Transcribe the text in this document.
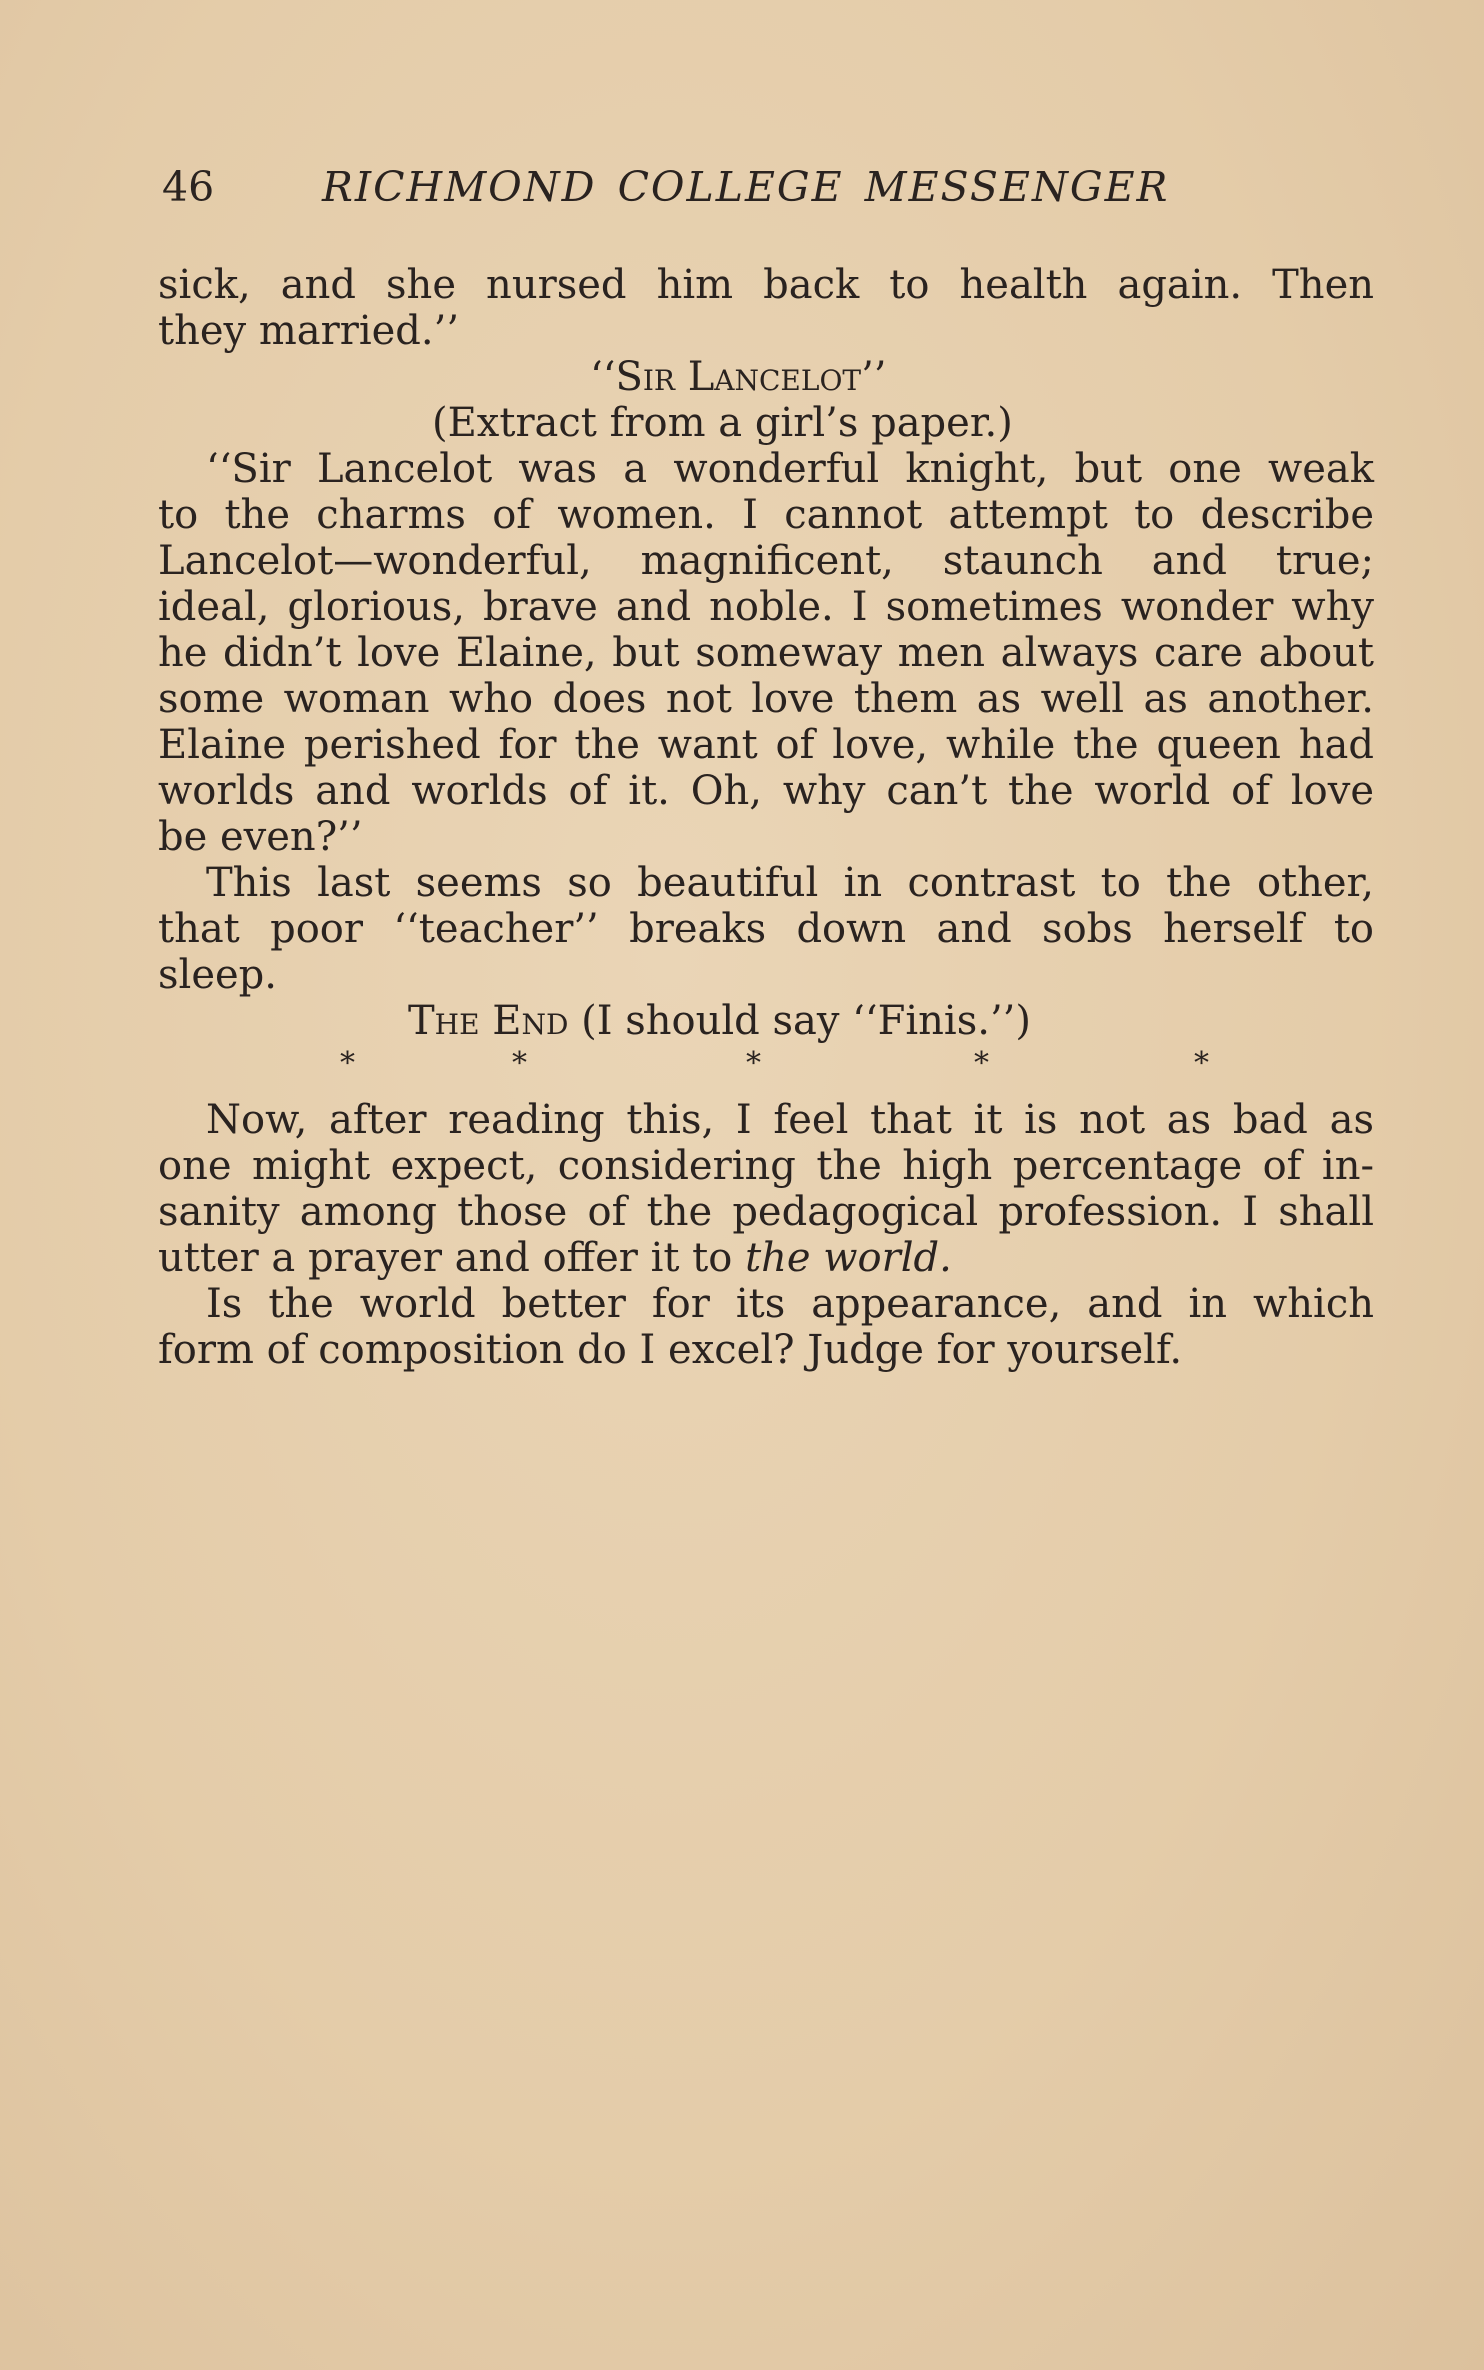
46	RICHMOND COLLEGE MESSENGER
sick, and she nursed him back to health again. Then
they married.’’
‘‘Sir Lancelot’’
(Extract from a girl’s paper.)
‘‘Sir Lancelot was a wonderful knight, but one weak
to the charms of women. I cannot attempt to describe
Lancelot—wonderful, magnificent, staunch and true;
ideal, glorious, brave and noble. I sometimes wonder why
he didn’t love Elaine, but someway men always care about
some woman who does not love them as well as another.
Elaine perished for the want of love, while the queen had
worlds and worlds of it. Oh, why can’t the world of love
be even?’’
This last seems so beautiful in contrast to the other,
that poor ‘‘teacher’’ breaks down and sobs herself to
sleep.
The End (I should say ‘‘Finis.’’)
*	*	*	*	*
Now, after reading this, I feel that it is not as bad as
one might expect, considering the high percentage of in-
sanity among those of the pedagogical profession. I shall
utter a prayer and offer it to the world.
Is the world better for its appearance, and in which
form of composition do I excel? Judge for yourself.
